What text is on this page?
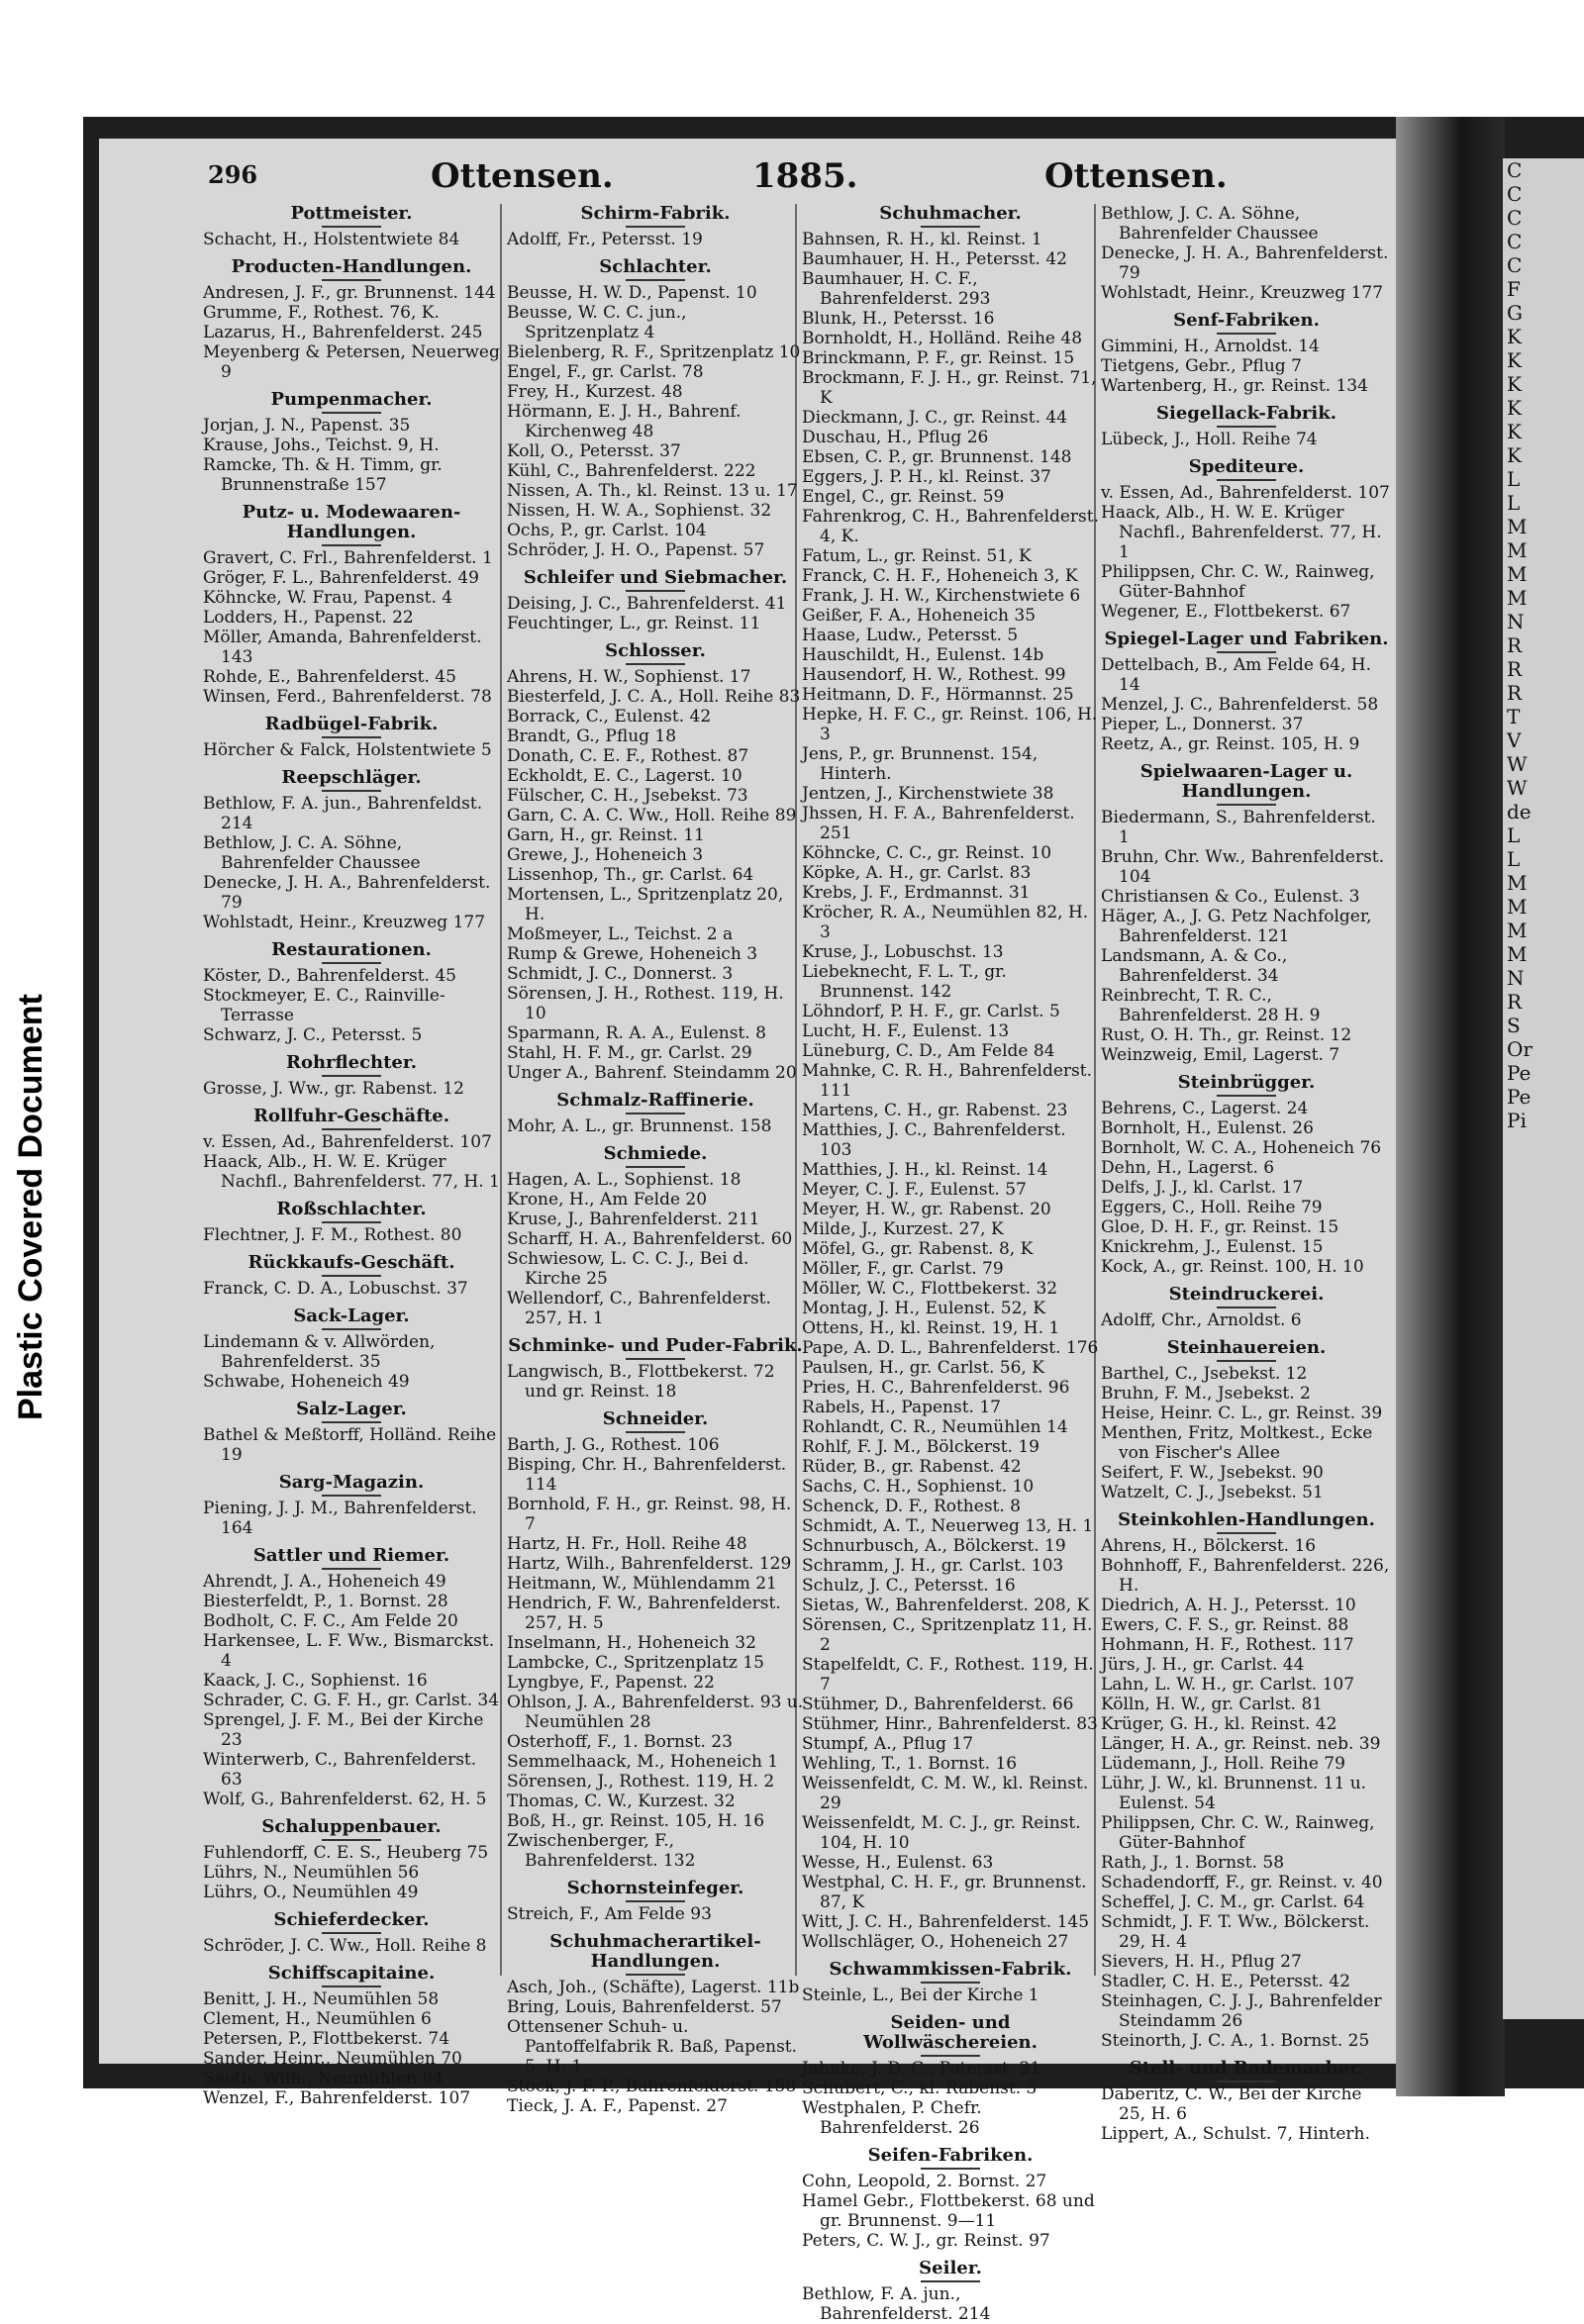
C
C
C
C
C
F
G
K
K
K
K
K
K
L
L
M
M
M
M
N
R
R
R
T
V
W
W
de
L
L
M
M
M
M
N
R
S
Or
Pe
Pe
Pi
Plastic Covered Document
296	Ottensen.	1885.	Ottensen.
Pottmeister.
Schacht, H., Holstentwiete 84
Producten-Handlungen.
Andresen, J. F., gr. Brunnenst. 144
Grumme, F., Rothest. 76, K.
Lazarus, H., Bahrenfelderst. 245
Meyenberg & Petersen, Neuerweg 9
Pumpenmacher.
Jorjan, J. N., Papenst. 35
Krause, Johs., Teichst. 9, H.
Ramcke, Th. & H. Timm, gr. Brunnenstraße 157
Putz- u. Modewaaren-Handlungen.
Gravert, C. Frl., Bahrenfelderst. 1
Gröger, F. L., Bahrenfelderst. 49
Köhncke, W. Frau, Papenst. 4
Lodders, H., Papenst. 22
Möller, Amanda, Bahrenfelderst. 143
Rohde, E., Bahrenfelderst. 45
Winsen, Ferd., Bahrenfelderst. 78
Radbügel-Fabrik.
Hörcher & Falck, Holstentwiete 5
Reepschläger.
Bethlow, F. A. jun., Bahrenfeldst. 214
Bethlow, J. C. A. Söhne, Bahrenfelder Chaussee
Denecke, J. H. A., Bahrenfelderst. 79
Wohlstadt, Heinr., Kreuzweg 177
Restaurationen.
Köster, D., Bahrenfelderst. 45
Stockmeyer, E. C., Rainville-Terrasse
Schwarz, J. C., Petersst. 5
Rohrflechter.
Grosse, J. Ww., gr. Rabenst. 12
Rollfuhr-Geschäfte.
v. Essen, Ad., Bahrenfelderst. 107
Haack, Alb., H. W. E. Krüger Nachfl., Bahrenfelderst. 77, H. 1
Roßschlachter.
Flechtner, J. F. M., Rothest. 80
Rückkaufs-Geschäft.
Franck, C. D. A., Lobuschst. 37
Sack-Lager.
Lindemann & v. Allwörden, Bahrenfelderst. 35
Schwabe, Hoheneich 49
Salz-Lager.
Bathel & Meßtorff, Holländ. Reihe 19
Sarg-Magazin.
Piening, J. J. M., Bahrenfelderst. 164
Sattler und Riemer.
Ahrendt, J. A., Hoheneich 49
Biesterfeldt, P., 1. Bornst. 28
Bodholt, C. F. C., Am Felde 20
Harkensee, L. F. Ww., Bismarckst. 4
Kaack, J. C., Sophienst. 16
Schrader, C. G. F. H., gr. Carlst. 34
Sprengel, J. F. M., Bei der Kirche 23
Winterwerb, C., Bahrenfelderst. 63
Wolf, G., Bahrenfelderst. 62, H. 5
Schaluppenbauer.
Fuhlendorff, C. E. S., Heuberg 75
Lührs, N., Neumühlen 56
Lührs, O., Neumühlen 49
Schieferdecker.
Schröder, J. C. Ww., Holl. Reihe 8
Schiffscapitaine.
Benitt, J. H., Neumühlen 58
Clement, H., Neumühlen 6
Petersen, P., Flottbekerst. 74
Sander, Heinr., Neumühlen 70
Seeth, Wilh., Neumühlen 84
Wenzel, F., Bahrenfelderst. 107
Schirm-Fabrik.
Adolff, Fr., Petersst. 19
Schlachter.
Beusse, H. W. D., Papenst. 10
Beusse, W. C. C. jun., Spritzenplatz 4
Bielenberg, R. F., Spritzenplatz 10
Engel, F., gr. Carlst. 78
Frey, H., Kurzest. 48
Hörmann, E. J. H., Bahrenf. Kirchenweg 48
Koll, O., Petersst. 37
Kühl, C., Bahrenfelderst. 222
Nissen, A. Th., kl. Reinst. 13 u. 17
Nissen, H. W. A., Sophienst. 32
Ochs, P., gr. Carlst. 104
Schröder, J. H. O., Papenst. 57
Schleifer und Siebmacher.
Deising, J. C., Bahrenfelderst. 41
Feuchtinger, L., gr. Reinst. 11
Schlosser.
Ahrens, H. W., Sophienst. 17
Biesterfeld, J. C. A., Holl. Reihe 83
Borrack, C., Eulenst. 42
Brandt, G., Pflug 18
Donath, C. E. F., Rothest. 87
Eckholdt, E. C., Lagerst. 10
Fülscher, C. H., Jsebekst. 73
Garn, C. A. C. Ww., Holl. Reihe 89
Garn, H., gr. Reinst. 11
Grewe, J., Hoheneich 3
Lissenhop, Th., gr. Carlst. 64
Mortensen, L., Spritzenplatz 20, H.
Moßmeyer, L., Teichst. 2 a
Rump & Grewe, Hoheneich 3
Schmidt, J. C., Donnerst. 3
Sörensen, J. H., Rothest. 119, H. 10
Sparmann, R. A. A., Eulenst. 8
Stahl, H. F. M., gr. Carlst. 29
Unger A., Bahrenf. Steindamm 20
Schmalz-Raffinerie.
Mohr, A. L., gr. Brunnenst. 158
Schmiede.
Hagen, A. L., Sophienst. 18
Krone, H., Am Felde 20
Kruse, J., Bahrenfelderst. 211
Scharff, H. A., Bahrenfelderst. 60
Schwiesow, L. C. C. J., Bei d. Kirche 25
Wellendorf, C., Bahrenfelderst. 257, H. 1
Schminke- und Puder-Fabrik.
Langwisch, B., Flottbekerst. 72 und gr. Reinst. 18
Schneider.
Barth, J. G., Rothest. 106
Bisping, Chr. H., Bahrenfelderst. 114
Bornhold, F. H., gr. Reinst. 98, H. 7
Hartz, H. Fr., Holl. Reihe 48
Hartz, Wilh., Bahrenfelderst. 129
Heitmann, W., Mühlendamm 21
Hendrich, F. W., Bahrenfelderst. 257, H. 5
Inselmann, H., Hoheneich 32
Lambcke, C., Spritzenplatz 15
Lyngbye, F., Papenst. 22
Ohlson, J. A., Bahrenfelderst. 93 u. Neumühlen 28
Osterhoff, F., 1. Bornst. 23
Semmelhaack, M., Hoheneich 1
Sörensen, J., Rothest. 119, H. 2
Thomas, C. W., Kurzest. 32
Boß, H., gr. Reinst. 105, H. 16
Zwischenberger, F., Bahrenfelderst. 132
Schornsteinfeger.
Streich, F., Am Felde 93
Schuhmacherartikel-Handlungen.
Asch, Joh., (Schäfte), Lagerst. 11b
Bring, Louis, Bahrenfelderst. 57
Ottensener Schuh- u. Pantoffelfabrik R. Baß, Papenst. 5, H. 1
Stock, J. F. P., Bahrenfelderst. 158
Tieck, J. A. F., Papenst. 27
Schuhmacher.
Bahnsen, R. H., kl. Reinst. 1
Baumhauer, H. H., Petersst. 42
Baumhauer, H. C. F., Bahrenfelderst. 293
Blunk, H., Petersst. 16
Bornholdt, H., Holländ. Reihe 48
Brinckmann, P. F., gr. Reinst. 15
Brockmann, F. J. H., gr. Reinst. 71, K
Dieckmann, J. C., gr. Reinst. 44
Duschau, H., Pflug 26
Ebsen, C. P., gr. Brunnenst. 148
Eggers, J. P. H., kl. Reinst. 37
Engel, C., gr. Reinst. 59
Fahrenkrog, C. H., Bahrenfelderst. 4, K.
Fatum, L., gr. Reinst. 51, K
Franck, C. H. F., Hoheneich 3, K
Frank, J. H. W., Kirchenstwiete 6
Geißer, F. A., Hoheneich 35
Haase, Ludw., Petersst. 5
Hauschildt, H., Eulenst. 14b
Hausendorf, H. W., Rothest. 99
Heitmann, D. F., Hörmannst. 25
Hepke, H. F. C., gr. Reinst. 106, H. 3
Jens, P., gr. Brunnenst. 154, Hinterh.
Jentzen, J., Kirchenstwiete 38
Jhssen, H. F. A., Bahrenfelderst. 251
Köhncke, C. C., gr. Reinst. 10
Köpke, A. H., gr. Carlst. 83
Krebs, J. F., Erdmannst. 31
Kröcher, R. A., Neumühlen 82, H. 3
Kruse, J., Lobuschst. 13
Liebeknecht, F. L. T., gr. Brunnenst. 142
Löhndorf, P. H. F., gr. Carlst. 5
Lucht, H. F., Eulenst. 13
Lüneburg, C. D., Am Felde 84
Mahnke, C. R. H., Bahrenfelderst. 111
Martens, C. H., gr. Rabenst. 23
Matthies, J. C., Bahrenfelderst. 103
Matthies, J. H., kl. Reinst. 14
Meyer, C. J. F., Eulenst. 57
Meyer, H. W., gr. Rabenst. 20
Milde, J., Kurzest. 27, K
Möfel, G., gr. Rabenst. 8, K
Möller, F., gr. Carlst. 79
Möller, W. C., Flottbekerst. 32
Montag, J. H., Eulenst. 52, K
Ottens, H., kl. Reinst. 19, H. 1
Pape, A. D. L., Bahrenfelderst. 176
Paulsen, H., gr. Carlst. 56, K
Pries, H. C., Bahrenfelderst. 96
Rabels, H., Papenst. 17
Rohlandt, C. R., Neumühlen 14
Rohlf, F. J. M., Bölckerst. 19
Rüder, B., gr. Rabenst. 42
Sachs, C. H., Sophienst. 10
Schenck, D. F., Rothest. 8
Schmidt, A. T., Neuerweg 13, H. 1
Schnurbusch, A., Bölckerst. 19
Schramm, J. H., gr. Carlst. 103
Schulz, J. C., Petersst. 16
Sietas, W., Bahrenfelderst. 208, K
Sörensen, C., Spritzenplatz 11, H. 2
Stapelfeldt, C. F., Rothest. 119, H. 7
Stühmer, D., Bahrenfelderst. 66
Stühmer, Hinr., Bahrenfelderst. 83
Stumpf, A., Pflug 17
Wehling, T., 1. Bornst. 16
Weissenfeldt, C. M. W., kl. Reinst. 29
Weissenfeldt, M. C. J., gr. Reinst. 104, H. 10
Wesse, H., Eulenst. 63
Westphal, C. H. F., gr. Brunnenst. 87, K
Witt, J. C. H., Bahrenfelderst. 145
Wollschläger, O., Hoheneich 27
Schwammkissen-Fabrik.
Steinle, L., Bei der Kirche 1
Seiden- und Wollwäschereien.
Jahnke, J. D. C., Petersst. 21
Schubert, C., kl. Rabenst. 3
Westphalen, P. Chefr. Bahrenfelderst. 26
Seifen-Fabriken.
Cohn, Leopold, 2. Bornst. 27
Hamel Gebr., Flottbekerst. 68 und gr. Brunnenst. 9—11
Peters, C. W. J., gr. Reinst. 97
Seiler.
Bethlow, F. A. jun., Bahrenfelderst. 214
Bethlow, J. C. A. Söhne, Bahrenfelder Chaussee
Denecke, J. H. A., Bahrenfelderst. 79
Wohlstadt, Heinr., Kreuzweg 177
Senf-Fabriken.
Gimmini, H., Arnoldst. 14
Tietgens, Gebr., Pflug 7
Wartenberg, H., gr. Reinst. 134
Siegellack-Fabrik.
Lübeck, J., Holl. Reihe 74
Spediteure.
v. Essen, Ad., Bahrenfelderst. 107
Haack, Alb., H. W. E. Krüger Nachfl., Bahrenfelderst. 77, H. 1
Philippsen, Chr. C. W., Rainweg, Güter-Bahnhof
Wegener, E., Flottbekerst. 67
Spiegel-Lager und Fabriken.
Dettelbach, B., Am Felde 64, H. 14
Menzel, J. C., Bahrenfelderst. 58
Pieper, L., Donnerst. 37
Reetz, A., gr. Reinst. 105, H. 9
Spielwaaren-Lager u. Handlungen.
Biedermann, S., Bahrenfelderst. 1
Bruhn, Chr. Ww., Bahrenfelderst. 104
Christiansen & Co., Eulenst. 3
Häger, A., J. G. Petz Nachfolger, Bahrenfelderst. 121
Landsmann, A. & Co., Bahrenfelderst. 34
Reinbrecht, T. R. C., Bahrenfelderst. 28 H. 9
Rust, O. H. Th., gr. Reinst. 12
Weinzweig, Emil, Lagerst. 7
Steinbrügger.
Behrens, C., Lagerst. 24
Bornholt, H., Eulenst. 26
Bornholt, W. C. A., Hoheneich 76
Dehn, H., Lagerst. 6
Delfs, J. J., kl. Carlst. 17
Eggers, C., Holl. Reihe 79
Gloe, D. H. F., gr. Reinst. 15
Knickrehm, J., Eulenst. 15
Kock, A., gr. Reinst. 100, H. 10
Steindruckerei.
Adolff, Chr., Arnoldst. 6
Steinhauereien.
Barthel, C., Jsebekst. 12
Bruhn, F. M., Jsebekst. 2
Heise, Heinr. C. L., gr. Reinst. 39
Menthen, Fritz, Moltkest., Ecke von Fischer's Allee
Seifert, F. W., Jsebekst. 90
Watzelt, C. J., Jsebekst. 51
Steinkohlen-Handlungen.
Ahrens, H., Bölckerst. 16
Bohnhoff, F., Bahrenfelderst. 226, H.
Diedrich, A. H. J., Petersst. 10
Ewers, C. F. S., gr. Reinst. 88
Hohmann, H. F., Rothest. 117
Jürs, J. H., gr. Carlst. 44
Lahn, L. W. H., gr. Carlst. 107
Kölln, H. W., gr. Carlst. 81
Krüger, G. H., kl. Reinst. 42
Länger, H. A., gr. Reinst. neb. 39
Lüdemann, J., Holl. Reihe 79
Lühr, J. W., kl. Brunnenst. 11 u. Eulenst. 54
Philippsen, Chr. C. W., Rainweg, Güter-Bahnhof
Rath, J., 1. Bornst. 58
Schadendorff, F., gr. Reinst. v. 40
Scheffel, J. C. M., gr. Carlst. 64
Schmidt, J. F. T. Ww., Bölckerst. 29, H. 4
Sievers, H. H., Pflug 27
Stadler, C. H. E., Petersst. 42
Steinhagen, C. J. J., Bahrenfelder Steindamm 26
Steinorth, J. C. A., 1. Bornst. 25
Stell- und Rademacher.
Däberitz, C. W., Bei der Kirche 25, H. 6
Lippert, A., Schulst. 7, Hinterh.
